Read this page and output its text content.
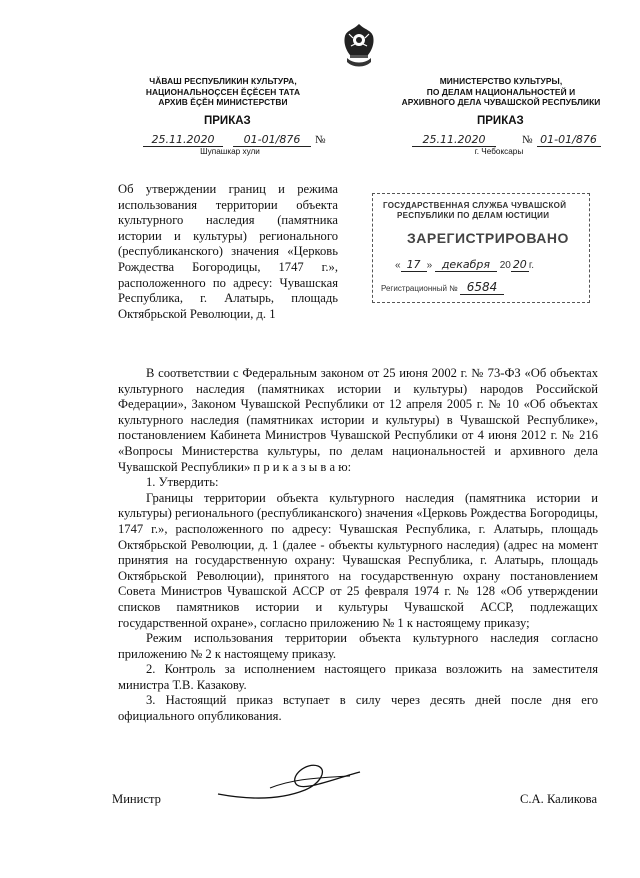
ЧӐВАШ РЕСПУБЛИКИН КУЛЬТУРА,
НАЦИОНАЛЬНОÇСЕН ĔÇĔСЕН ТАТА
АРХИВ ĔÇĔН МИНИСТЕРСТВИ
МИНИСТЕРСТВО КУЛЬТУРЫ,
ПО ДЕЛАМ НАЦИОНАЛЬНОСТЕЙ И
АРХИВНОГО ДЕЛА ЧУВАШСКОЙ РЕСПУБЛИКИ
ПРИКАЗ
25.11.2020	01-01/876 №
Шупашкар хули
ПРИКАЗ
25.11.2020	№ 01-01/876
г. Чебоксары
Об утверждении границ и режима использования территории объекта культурного наследия (памятника истории и культуры) регионального (республиканского) значения «Церковь Рождества Богородицы, 1747 г.», расположенного по адресу: Чувашская Республика, г. Алатырь, площадь Октябрьской Революции, д. 1
ГОСУДАРСТВЕННАЯ СЛУЖБА ЧУВАШСКОЙ
РЕСПУБЛИКИ ПО ДЕЛАМ ЮСТИЦИИ
ЗАРЕГИСТРИРОВАНО
« 17 » декабря 20 20 г.
Регистрационный № 6584

В соответствии с Федеральным законом от 25 июня 2002 г. № 73-ФЗ «Об объектах культурного наследия (памятниках истории и культуры) народов Российской Федерации», Законом Чувашской Республики от 12 апреля 2005 г. № 10 «Об объектах культурного наследия (памятниках истории и культуры) в Чувашской Республике», постановлением Кабинета Министров Чувашской Республики от 4 июня 2012 г. № 216 «Вопросы Министерства культуры, по делам национальностей и архивного дела Чувашской Республики» п р и к а з ы в а ю:

1. Утвердить:

Границы территории объекта культурного наследия (памятника истории и культуры) регионального (республиканского) значения «Церковь Рождества Богородицы, 1747 г.», расположенного по адресу: Чувашская Республика, г. Алатырь, площадь Октябрьской Революции, д. 1 (далее - объекты культурного наследия) (адрес на момент принятия на государственную охрану: Чувашская Республика, г. Алатырь, площадь Октябрьской Революции), принятого на государственную охрану постановлением Совета Министров Чувашской АССР от 25 февраля 1974 г. № 128 «Об утверждении списков памятников истории и культуры Чувашской АССР, подлежащих государственной охране», согласно приложению № 1 к настоящему приказу;

Режим использования территории объекта культурного наследия согласно приложению № 2 к настоящему приказу.

2. Контроль за исполнением настоящего приказа возложить на заместителя министра Т.В. Казакову.

3. Настоящий приказ вступает в силу через десять дней после дня его официального опубликования.

Министр	С.А. Каликова
